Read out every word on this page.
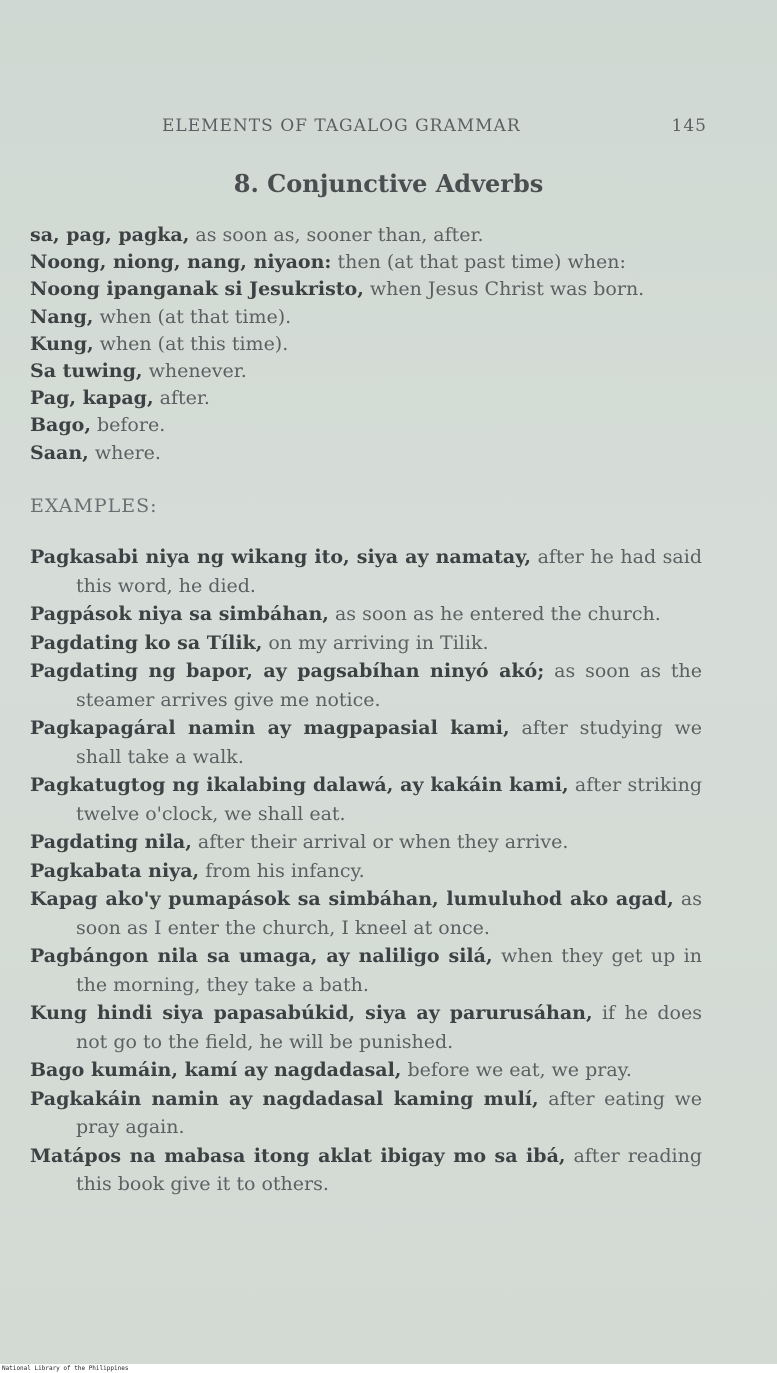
ELEMENTS OF TAGALOG GRAMMAR	145
8. Conjunctive Adverbs
sa, pag, pagka, as soon as, sooner than, after.
Noong, niong, nang, niyaon: then (at that past time) when:
Noong ipanganak si Jesukristo, when Jesus Christ was born.
Nang, when (at that time).
Kung, when (at this time).
Sa tuwing, whenever.
Pag, kapag, after.
Bago, before.
Saan, where.
EXAMPLES:
Pagkasabi niya ng wikang ito, siya ay namatay, after he had said this word, he died.
Pagpások niya sa simbáhan, as soon as he entered the church.
Pagdating ko sa Tílik, on my arriving in Tilik.
Pagdating ng bapor, ay pagsabíhan ninyó akó; as soon as the steamer arrives give me notice.
Pagkapagáral namin ay magpapasial kami, after studying we shall take a walk.
Pagkatugtog ng ikalabing dalawá, ay kakáin kami, after striking twelve o'clock, we shall eat.
Pagdating nila, after their arrival or when they arrive.
Pagkabata niya, from his infancy.
Kapag ako'y pumapások sa simbáhan, lumuluhod ako agad, as soon as I enter the church, I kneel at once.
Pagbángon nila sa umaga, ay naliligo silá, when they get up in the morning, they take a bath.
Kung hindi siya papasabúkid, siya ay parurusáhan, if he does not go to the field, he will be punished.
Bago kumáin, kamí ay nagdadasal, before we eat, we pray.
Pagkakáin namin ay nagdadasal kaming mulí, after eating we pray again.
Matápos na mabasa itong aklat ibigay mo sa ibá, after reading this book give it to others.
National Library of the Philippines
